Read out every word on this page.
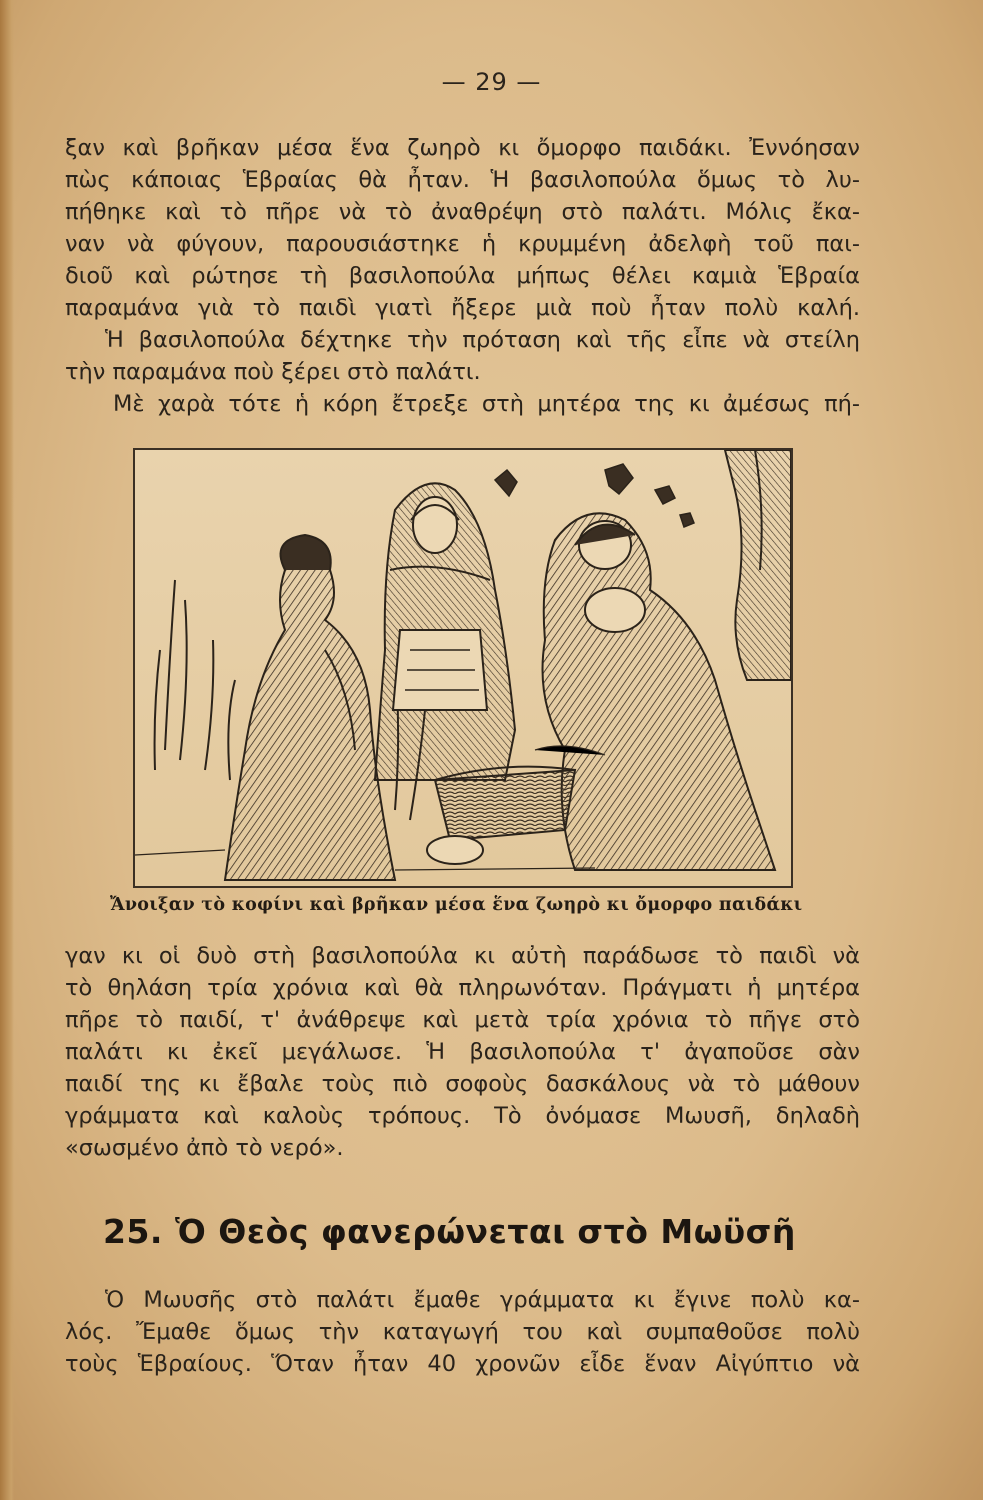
— 29 —
ξαν καὶ βρῆκαν μέσα ἕνα ζωηρὸ κι ὄμορφο παιδάκι. Ἐννόησαν
πὼς κάποιας Ἑβραίας θὰ ἦταν. Ἡ βασιλοπούλα ὅμως τὸ λυ-
πήθηκε καὶ τὸ πῆρε νὰ τὸ ἀναθρέψη στὸ παλάτι. Μόλις ἔκα-
ναν νὰ φύγουν, παρουσιάστηκε ἡ κρυμμένη ἀδελφὴ τοῦ παι-
διοῦ καὶ ρώτησε τὴ βασιλοπούλα μήπως θέλει καμιὰ Ἑβραία
παραμάνα γιὰ τὸ παιδὶ γιατὶ ἤξερε μιὰ ποὺ ἦταν πολὺ καλή.
Ἡ βασιλοπούλα δέχτηκε τὴν πρόταση καὶ τῆς εἶπε νὰ στείλη
τὴν παραμάνα ποὺ ξέρει στὸ παλάτι.
Μὲ χαρὰ τότε ἡ κόρη ἔτρεξε στὴ μητέρα της κι ἀμέσως πή-
Ἄνοιξαν τὸ κοφίνι καὶ βρῆκαν μέσα ἕνα ζωηρὸ κι ὄμορφο παιδάκι
γαν κι οἱ δυὸ στὴ βασιλοπούλα κι αὐτὴ παράδωσε τὸ παιδὶ νὰ
τὸ θηλάση τρία χρόνια καὶ θὰ πληρωνόταν. Πράγματι ἡ μητέρα
πῆρε τὸ παιδί, τ' ἀνάθρεψε καὶ μετὰ τρία χρόνια τὸ πῆγε στὸ
παλάτι κι ἐκεῖ μεγάλωσε. Ἡ βασιλοπούλα τ' ἀγαποῦσε σὰν
παιδί της κι ἔβαλε τοὺς πιὸ σοφοὺς δασκάλους νὰ τὸ μάθουν
γράμματα καὶ καλοὺς τρόπους. Τὸ ὀνόμασε Μωυσῆ, δηλαδὴ
«σωσμένο ἀπὸ τὸ νερό».
25. Ὁ Θεὸς φανερώνεται στὸ Μωϋσῆ
Ὁ Μωυσῆς στὸ παλάτι ἔμαθε γράμματα κι ἔγινε πολὺ κα-
λός. Ἔμαθε ὅμως τὴν καταγωγή του καὶ συμπαθοῦσε πολὺ
τοὺς Ἑβραίους. Ὅταν ἦταν 40 χρονῶν εἶδε ἕναν Αἰγύπτιο νὰ
